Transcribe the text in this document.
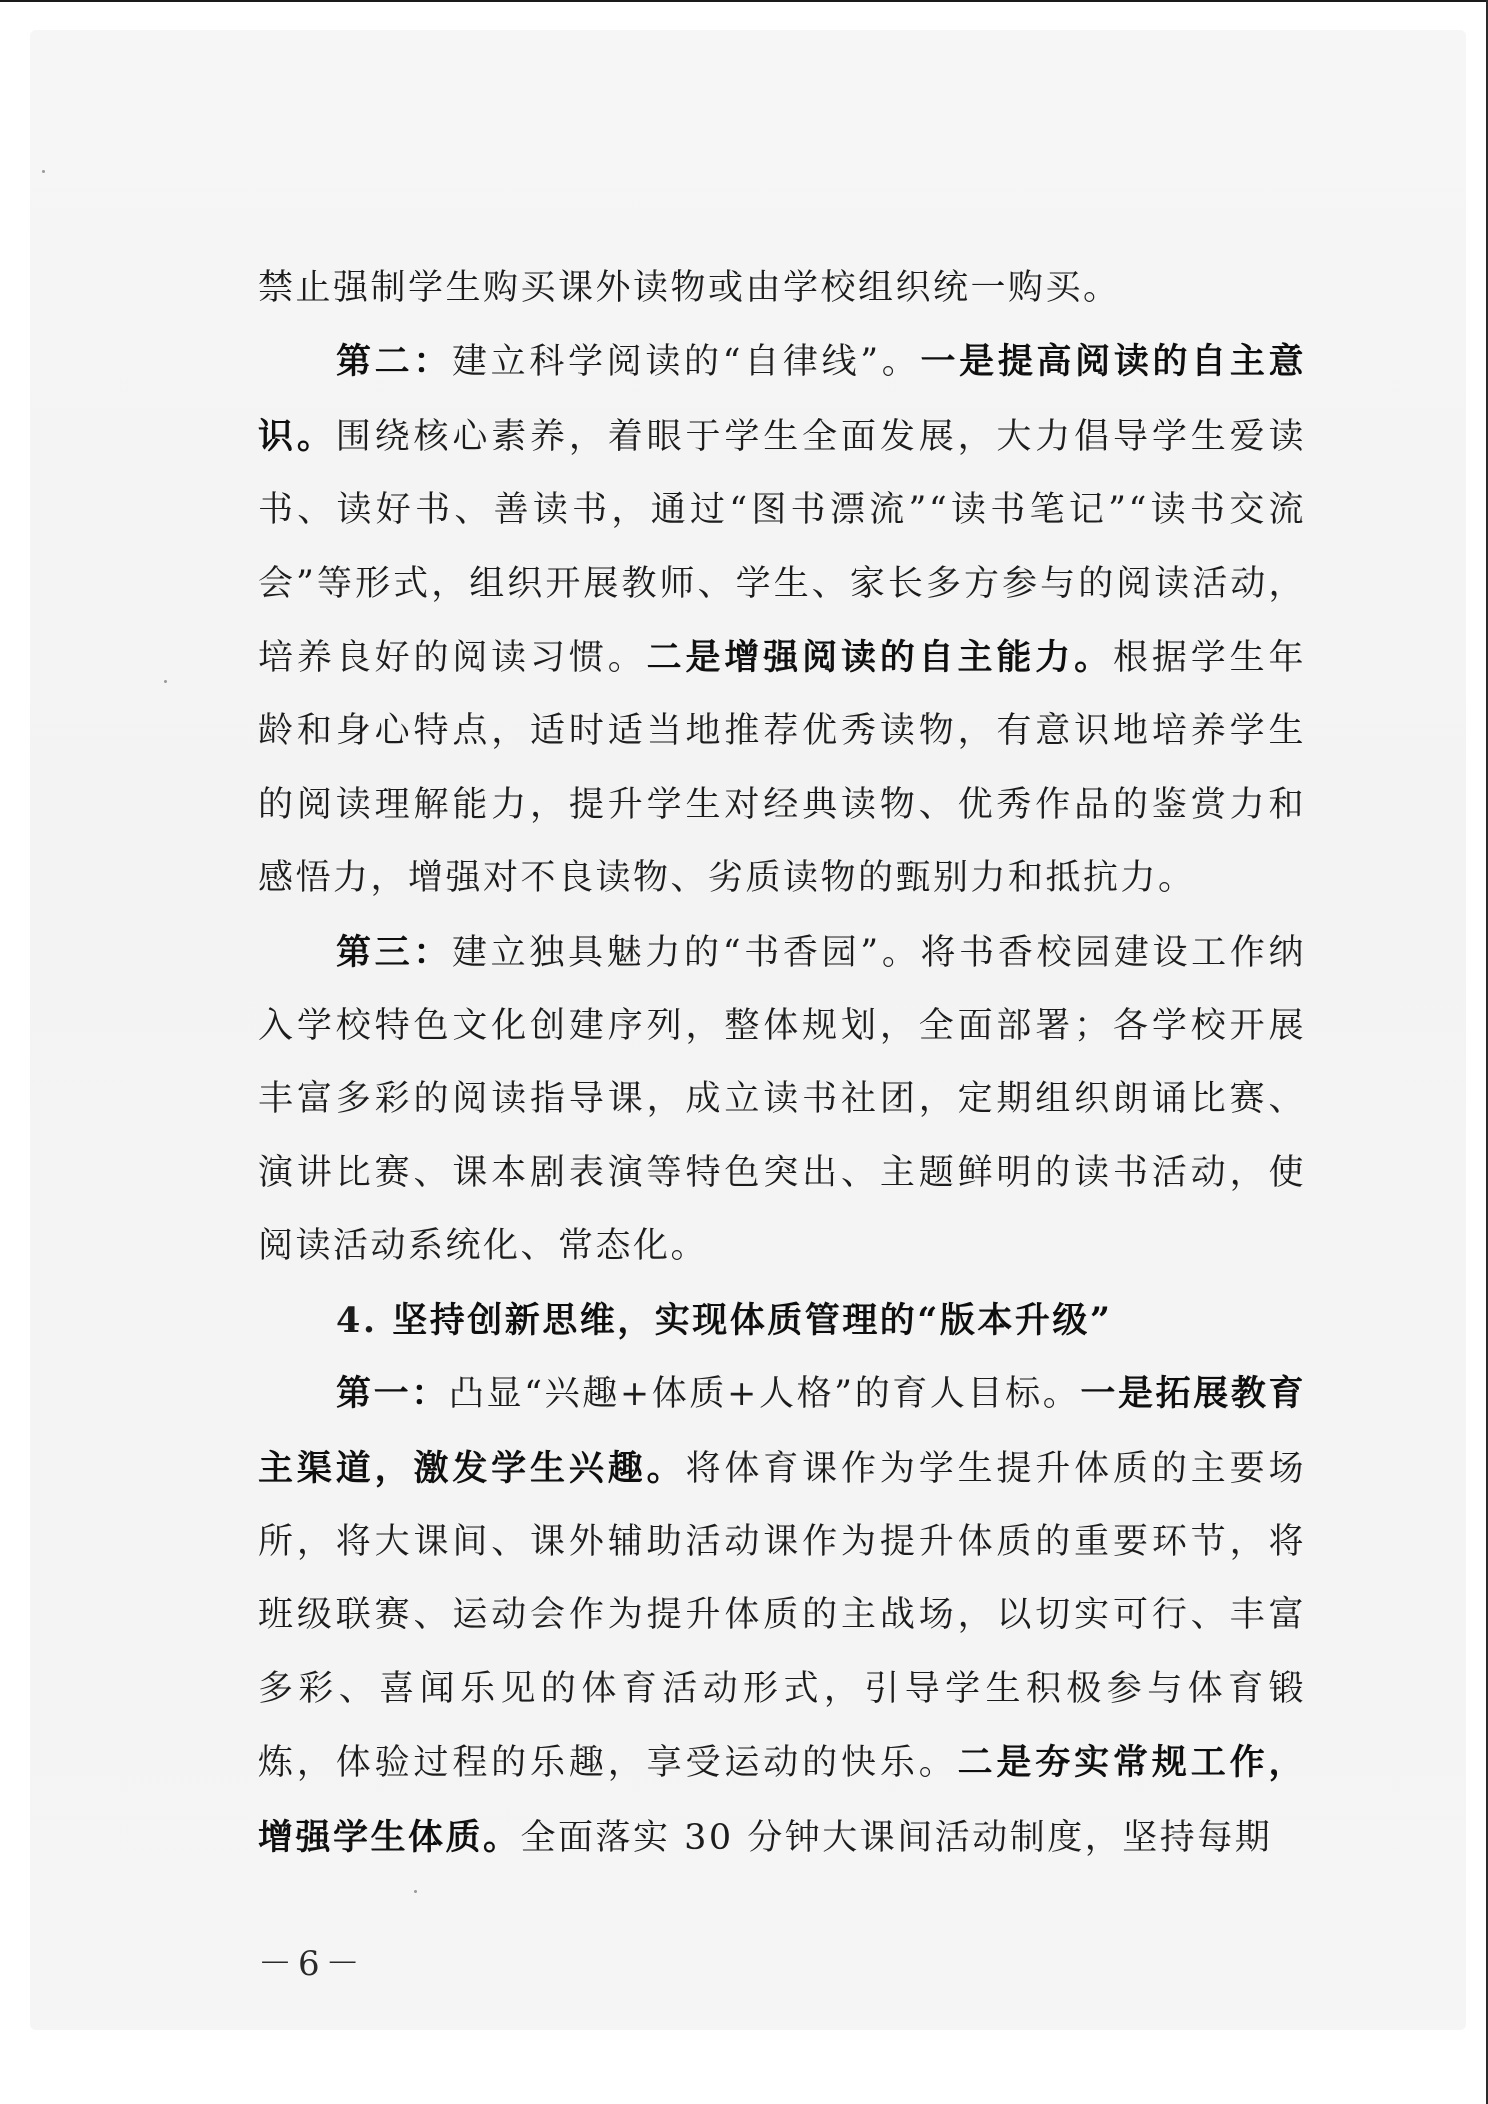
禁止强制学生购买课外读物或由学校组织统一购买。

第二：建立科学阅读的“自律线”。一是提高阅读的自主意识。围绕核心素养，着眼于学生全面发展，大力倡导学生爱读书、读好书、善读书，通过“图书漂流”“读书笔记”“读书交流会”等形式，组织开展教师、学生、家长多方参与的阅读活动，培养良好的阅读习惯。二是增强阅读的自主能力。根据学生年龄和身心特点，适时适当地推荐优秀读物，有意识地培养学生的阅读理解能力，提升学生对经典读物、优秀作品的鉴赏力和感悟力，增强对不良读物、劣质读物的甄别力和抵抗力。

第三：建立独具魅力的“书香园”。将书香校园建设工作纳入学校特色文化创建序列，整体规划，全面部署；各学校开展丰富多彩的阅读指导课，成立读书社团，定期组织朗诵比赛、演讲比赛、课本剧表演等特色突出、主题鲜明的读书活动，使阅读活动系统化、常态化。

4. 坚持创新思维，实现体质管理的“版本升级”

第一：凸显“兴趣+体质+人格”的育人目标。一是拓展教育主渠道，激发学生兴趣。将体育课作为学生提升体质的主要场所，将大课间、课外辅助活动课作为提升体质的重要环节，将班级联赛、运动会作为提升体质的主战场，以切实可行、丰富多彩、喜闻乐见的体育活动形式，引导学生积极参与体育锻炼，体验过程的乐趣，享受运动的快乐。二是夯实常规工作，增强学生体质。全面落实 30 分钟大课间活动制度，坚持每期

－6－
